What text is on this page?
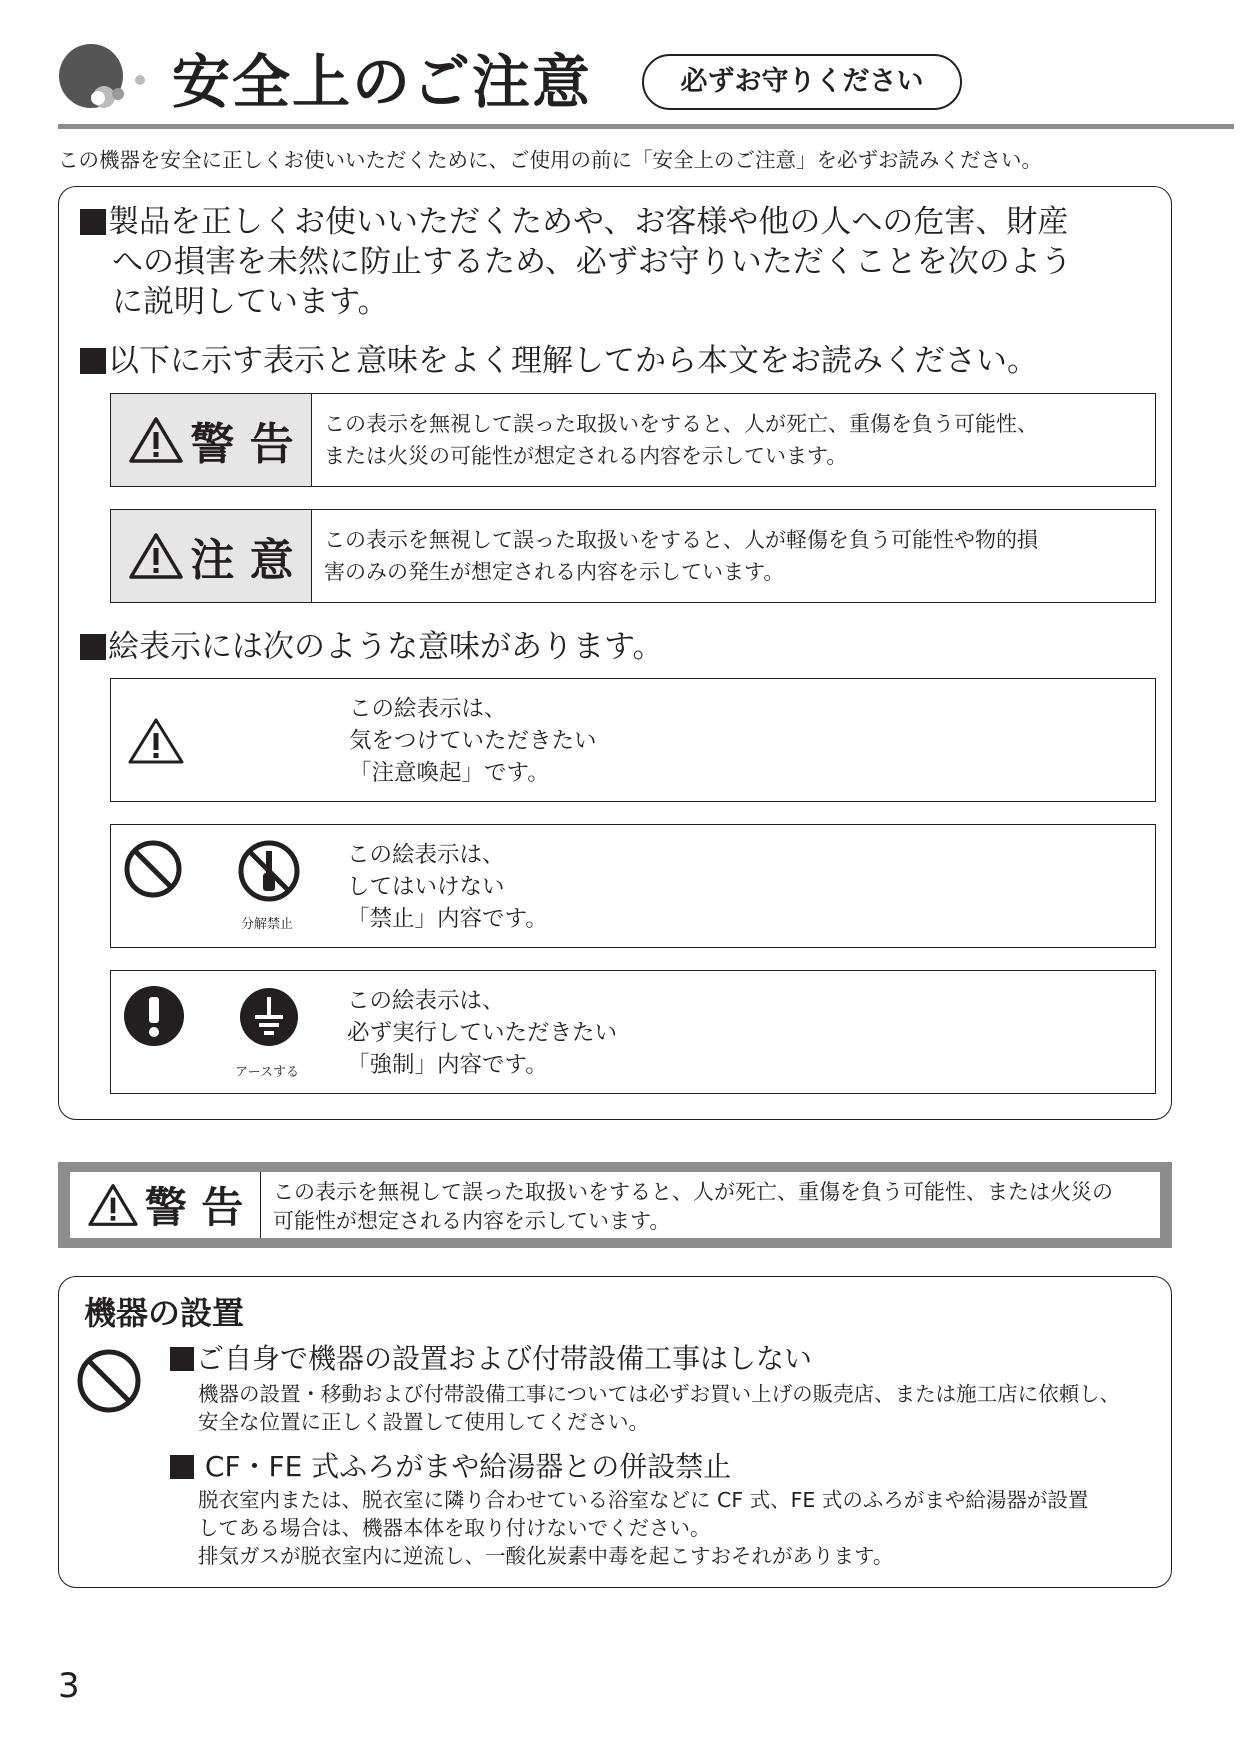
安全上のご注意	必ずお守りください
この機器を安全に正しくお使いいただくために、ご使用の前に「安全上のご注意」を必ずお読みください。
製品を正しくお使いいただくためや、お客様や他の人への危害、財産
への損害を未然に防止するため、必ずお守りいただくことを次のよう
に説明しています。
以下に示す表示と意味をよく理解してから本文をお読みください。
警 告 この表示を無視して誤った取扱いをすると、人が死亡、重傷を負う可能性、
または火災の可能性が想定される内容を示しています。
注 意 この表示を無視して誤った取扱いをすると、人が軽傷を負う可能性や物的損
害のみの発生が想定される内容を示しています。
絵表示には次のような意味があります。
この絵表示は、
気をつけていただきたい
「注意喚起」です。
分解禁止
この絵表示は、
してはいけない
「禁止」内容です。
アースする
この絵表示は、
必ず実行していただきたい
「強制」内容です。
警 告 この表示を無視して誤った取扱いをすると、人が死亡、重傷を負う可能性、または火災の
可能性が想定される内容を示しています。
機器の設置
ご自身で機器の設置および付帯設備工事はしない
機器の設置・移動および付帯設備工事については必ずお買い上げの販売店、または施工店に依頼し、
安全な位置に正しく設置して使用してください。
CF・FE 式ふろがまや給湯器との併設禁止
脱衣室内または、脱衣室に隣り合わせている浴室などに CF 式、FE 式のふろがまや給湯器が設置
してある場合は、機器本体を取り付けないでください。
排気ガスが脱衣室内に逆流し、一酸化炭素中毒を起こすおそれがあります。
3
